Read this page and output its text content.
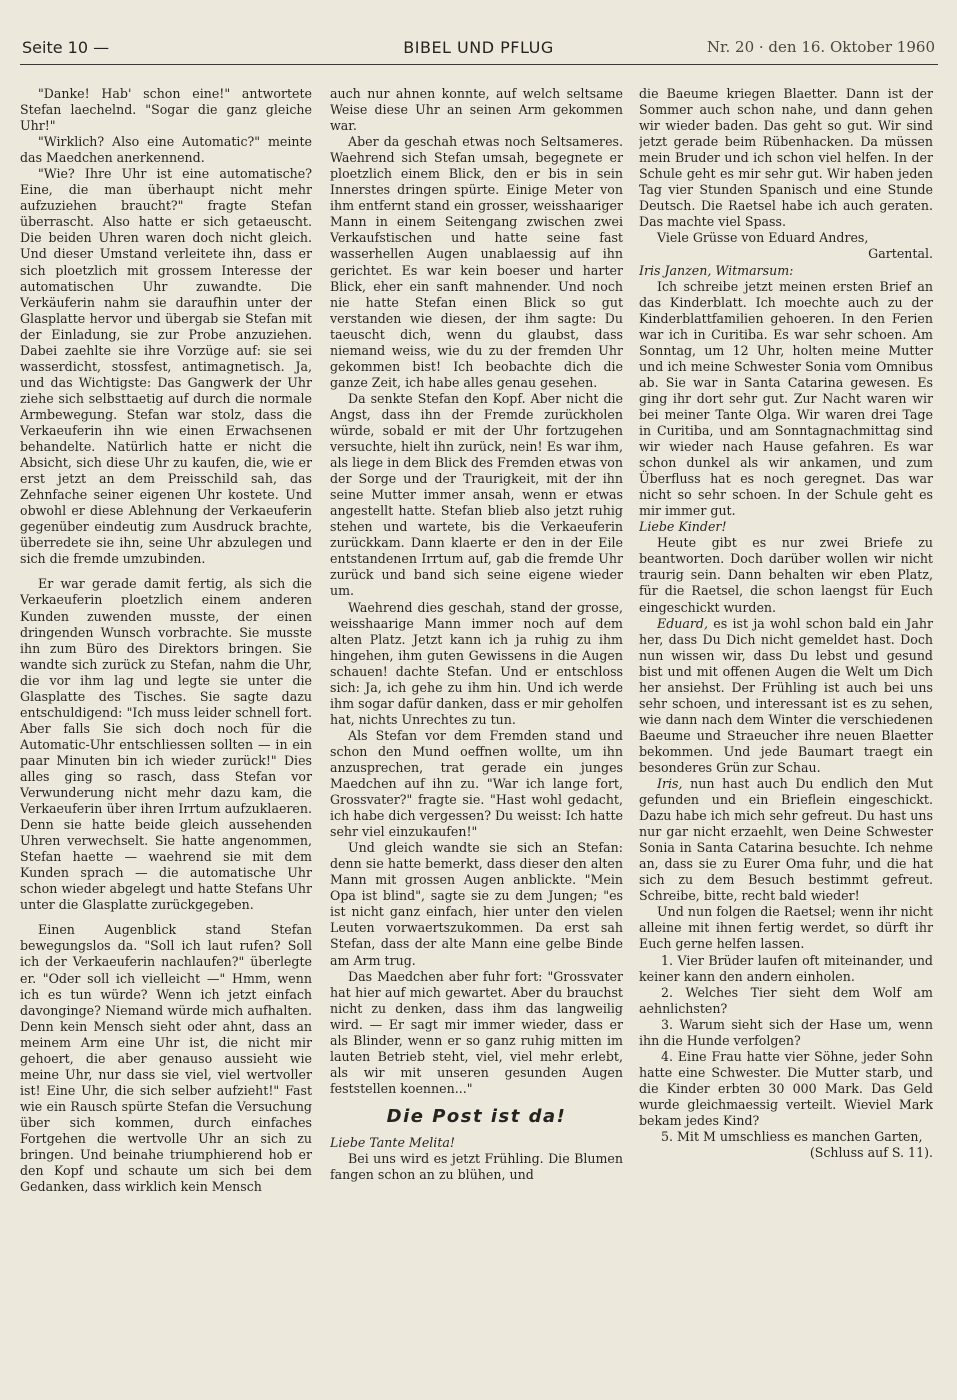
Seite 10 —	BIBEL UND PFLUG	Nr. 20 · den 16. Oktober 1960

"Danke! Hab' schon eine!" antwortete Stefan laechelnd. "Sogar die ganz gleiche Uhr!"

"Wirklich? Also eine Automatic?" meinte das Maedchen anerkennend.

"Wie? Ihre Uhr ist eine automatische? Eine, die man überhaupt nicht mehr aufzuziehen braucht?" fragte Stefan überrascht. Also hatte er sich getaeuscht. Die beiden Uhren waren doch nicht gleich. Und dieser Umstand verleitete ihn, dass er sich ploetzlich mit grossem Interesse der automatischen Uhr zuwandte. Die Verkäuferin nahm sie daraufhin unter der Glasplatte hervor und übergab sie Stefan mit der Einladung, sie zur Probe anzuziehen. Dabei zaehlte sie ihre Vorzüge auf: sie sei wasserdicht, stossfest, antimagnetisch. Ja, und das Wichtigste: Das Gangwerk der Uhr ziehe sich selbsttaetig auf durch die normale Armbewegung. Stefan war stolz, dass die Verkaeuferin ihn wie einen Erwachsenen behandelte. Natürlich hatte er nicht die Absicht, sich diese Uhr zu kaufen, die, wie er erst jetzt an dem Preisschild sah, das Zehnfache seiner eigenen Uhr kostete. Und obwohl er diese Ablehnung der Verkaeuferin gegenüber eindeutig zum Ausdruck brachte, überredete sie ihn, seine Uhr abzulegen und sich die fremde umzubinden.

Er war gerade damit fertig, als sich die Verkaeuferin ploetzlich einem anderen Kunden zuwenden musste, der einen dringenden Wunsch vorbrachte. Sie musste ihn zum Büro des Direktors bringen. Sie wandte sich zurück zu Stefan, nahm die Uhr, die vor ihm lag und legte sie unter die Glasplatte des Tisches. Sie sagte dazu entschuldigend: "Ich muss leider schnell fort. Aber falls Sie sich doch noch für die Automatic-Uhr entschliessen sollten — in ein paar Minuten bin ich wieder zurück!" Dies alles ging so rasch, dass Stefan vor Verwunderung nicht mehr dazu kam, die Verkaeuferin über ihren Irrtum aufzuklaeren. Denn sie hatte beide gleich aussehenden Uhren verwechselt. Sie hatte angenommen, Stefan haette — waehrend sie mit dem Kunden sprach — die automatische Uhr schon wieder abgelegt und hatte Stefans Uhr unter die Glasplatte zurückgegeben.

Einen Augenblick stand Stefan bewegungslos da. "Soll ich laut rufen? Soll ich der Verkaeuferin nachlaufen?" überlegte er. "Oder soll ich vielleicht —" Hmm, wenn ich es tun würde? Wenn ich jetzt einfach davonginge? Niemand würde mich aufhalten. Denn kein Mensch sieht oder ahnt, dass an meinem Arm eine Uhr ist, die nicht mir gehoert, die aber genauso aussieht wie meine Uhr, nur dass sie viel, viel wertvoller ist! Eine Uhr, die sich selber aufzieht!" Fast wie ein Rausch spürte Stefan die Versuchung über sich kommen, durch einfaches Fortgehen die wertvolle Uhr an sich zu bringen. Und beinahe triumphierend hob er den Kopf und schaute um sich bei dem Gedanken, dass wirklich kein Mensch

auch nur ahnen konnte, auf welch seltsame Weise diese Uhr an seinen Arm gekommen war.

Aber da geschah etwas noch Seltsameres. Waehrend sich Stefan umsah, begegnete er ploetzlich einem Blick, den er bis in sein Innerstes dringen spürte. Einige Meter von ihm entfernt stand ein grosser, weisshaariger Mann in einem Seitengang zwischen zwei Verkaufstischen und hatte seine fast wasserhellen Augen unablaessig auf ihn gerichtet. Es war kein boeser und harter Blick, eher ein sanft mahnender. Und noch nie hatte Stefan einen Blick so gut verstanden wie diesen, der ihm sagte: Du taeuscht dich, wenn du glaubst, dass niemand weiss, wie du zu der fremden Uhr gekommen bist! Ich beobachte dich die ganze Zeit, ich habe alles genau gesehen.

Da senkte Stefan den Kopf. Aber nicht die Angst, dass ihn der Fremde zurückholen würde, sobald er mit der Uhr fortzugehen versuchte, hielt ihn zurück, nein! Es war ihm, als liege in dem Blick des Fremden etwas von der Sorge und der Traurigkeit, mit der ihn seine Mutter immer ansah, wenn er etwas angestellt hatte. Stefan blieb also jetzt ruhig stehen und wartete, bis die Verkaeuferin zurückkam. Dann klaerte er den in der Eile entstandenen Irrtum auf, gab die fremde Uhr zurück und band sich seine eigene wieder um.

Waehrend dies geschah, stand der grosse, weisshaarige Mann immer noch auf dem alten Platz. Jetzt kann ich ja ruhig zu ihm hingehen, ihm guten Gewissens in die Augen schauen! dachte Stefan. Und er entschloss sich: Ja, ich gehe zu ihm hin. Und ich werde ihm sogar dafür danken, dass er mir geholfen hat, nichts Unrechtes zu tun.

Als Stefan vor dem Fremden stand und schon den Mund oeffnen wollte, um ihn anzusprechen, trat gerade ein junges Maedchen auf ihn zu. "War ich lange fort, Grossvater?" fragte sie. "Hast wohl gedacht, ich habe dich vergessen? Du weisst: Ich hatte sehr viel einzukaufen!"

Und gleich wandte sie sich an Stefan: denn sie hatte bemerkt, dass dieser den alten Mann mit grossen Augen anblickte. "Mein Opa ist blind", sagte sie zu dem Jungen; "es ist nicht ganz einfach, hier unter den vielen Leuten vorwaertszukommen. Da erst sah Stefan, dass der alte Mann eine gelbe Binde am Arm trug.

Das Maedchen aber fuhr fort: "Grossvater hat hier auf mich gewartet. Aber du brauchst nicht zu denken, dass ihm das langweilig wird. — Er sagt mir immer wieder, dass er als Blinder, wenn er so ganz ruhig mitten im lauten Betrieb steht, viel, viel mehr erlebt, als wir mit unseren gesunden Augen feststellen koennen..."

Die Post ist da!

Liebe Tante Melita!

Bei uns wird es jetzt Frühling. Die Blumen fangen schon an zu blühen, und

die Baeume kriegen Blaetter. Dann ist der Sommer auch schon nahe, und dann gehen wir wieder baden. Das geht so gut. Wir sind jetzt gerade beim Rübenhacken. Da müssen mein Bruder und ich schon viel helfen. In der Schule geht es mir sehr gut. Wir haben jeden Tag vier Stunden Spanisch und eine Stunde Deutsch. Die Raetsel habe ich auch geraten. Das machte viel Spass.

Viele Grüsse von Eduard Andres,

Gartental.

Iris Janzen, Witmarsum:

Ich schreibe jetzt meinen ersten Brief an das Kinderblatt. Ich moechte auch zu der Kinderblattfamilien gehoeren. In den Ferien war ich in Curitiba. Es war sehr schoen. Am Sonntag, um 12 Uhr, holten meine Mutter und ich meine Schwester Sonia vom Omnibus ab. Sie war in Santa Catarina gewesen. Es ging ihr dort sehr gut. Zur Nacht waren wir bei meiner Tante Olga. Wir waren drei Tage in Curitiba, und am Sonntagnachmittag sind wir wieder nach Hause gefahren. Es war schon dunkel als wir ankamen, und zum Überfluss hat es noch geregnet. Das war nicht so sehr schoen. In der Schule geht es mir immer gut.

Liebe Kinder!

Heute gibt es nur zwei Briefe zu beantworten. Doch darüber wollen wir nicht traurig sein. Dann behalten wir eben Platz, für die Raetsel, die schon laengst für Euch eingeschickt wurden.

Eduard, es ist ja wohl schon bald ein Jahr her, dass Du Dich nicht gemeldet hast. Doch nun wissen wir, dass Du lebst und gesund bist und mit offenen Augen die Welt um Dich her ansiehst. Der Frühling ist auch bei uns sehr schoen, und interessant ist es zu sehen, wie dann nach dem Winter die verschiedenen Baeume und Straeucher ihre neuen Blaetter bekommen. Und jede Baumart traegt ein besonderes Grün zur Schau.

Iris, nun hast auch Du endlich den Mut gefunden und ein Brieflein eingeschickt. Dazu habe ich mich sehr gefreut. Du hast uns nur gar nicht erzaehlt, wen Deine Schwester Sonia in Santa Catarina besuchte. Ich nehme an, dass sie zu Eurer Oma fuhr, und die hat sich zu dem Besuch bestimmt gefreut. Schreibe, bitte, recht bald wieder!

Und nun folgen die Raetsel; wenn ihr nicht alleine mit ihnen fertig werdet, so dürft ihr Euch gerne helfen lassen.

1. Vier Brüder laufen oft miteinander, und keiner kann den andern einholen.

2. Welches Tier sieht dem Wolf am aehnlichsten?

3. Warum sieht sich der Hase um, wenn ihn die Hunde verfolgen?

4. Eine Frau hatte vier Söhne, jeder Sohn hatte eine Schwester. Die Mutter starb, und die Kinder erbten 30 000 Mark. Das Geld wurde gleichmaessig verteilt. Wieviel Mark bekam jedes Kind?

5. Mit M umschliess es manchen Garten,

(Schluss auf S. 11).
